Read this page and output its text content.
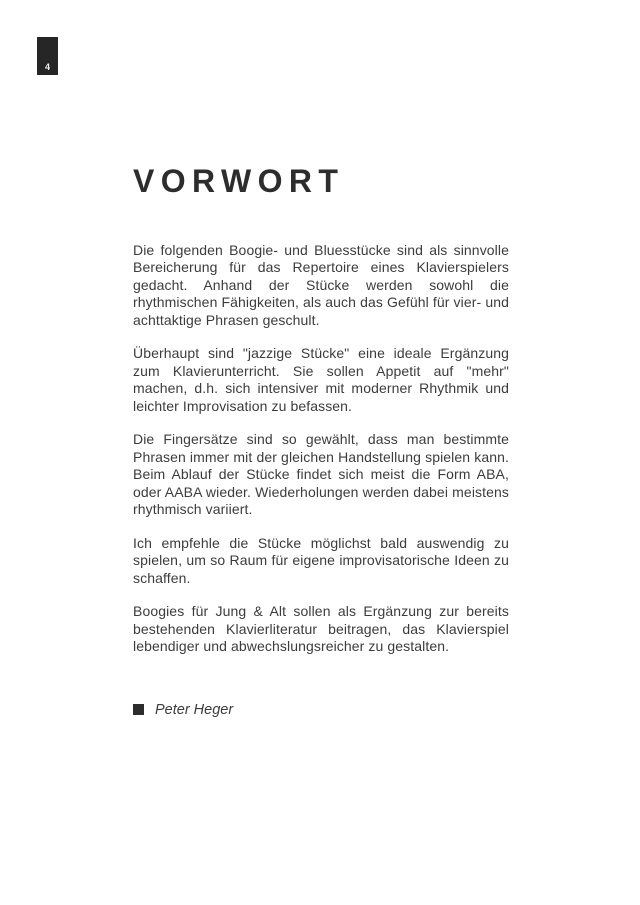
4
VORWORT

Die folgenden Boogie- und Bluesstücke sind als sinnvolle Bereicherung für das Repertoire eines Klavierspielers gedacht. Anhand der Stücke werden sowohl die rhythmischen Fähigkeiten, als auch das Gefühl für vier- und achttaktige Phrasen geschult.

Überhaupt sind "jazzige Stücke" eine ideale Ergänzung zum Klavierunterricht. Sie sollen Appetit auf "mehr" machen, d.h. sich intensiver mit moderner Rhythmik und leichter Improvisation zu befassen.

Die Fingersätze sind so gewählt, dass man bestimmte Phrasen immer mit der gleichen Handstellung spielen kann. Beim Ablauf der Stücke findet sich meist die Form ABA, oder AABA wieder. Wiederholungen werden dabei meistens rhythmisch variiert.

Ich empfehle die Stücke möglichst bald auswendig zu spielen, um so Raum für eigene improvisatorische Ideen zu schaffen.

Boogies für Jung & Alt sollen als Ergänzung zur bereits bestehenden Klavierliteratur beitragen, das Klavierspiel lebendiger und abwechslungsreicher zu gestalten.

Peter Heger
